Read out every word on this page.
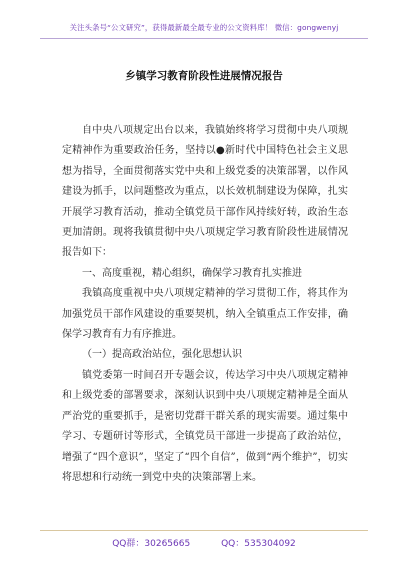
关注头条号“公文研究”，获得最新最全最专业的公文资料库！ 微信：gongwenyj
乡镇学习教育阶段性进展情况报告

自中央八项规定出台以来，我镇始终将学习贯彻中央八项规定精神作为重要政治任务，坚持以●新时代中国特色社会主义思想为指导，全面贯彻落实党中央和上级党委的决策部署，以作风建设为抓手，以问题整改为重点，以长效机制建设为保障，扎实开展学习教育活动，推动全镇党员干部作风持续好转，政治生态更加清朗。现将我镇贯彻中央八项规定学习教育阶段性进展情况报告如下：

一、高度重视，精心组织，确保学习教育扎实推进

我镇高度重视中央八项规定精神的学习贯彻工作，将其作为加强党员干部作风建设的重要契机，纳入全镇重点工作安排，确保学习教育有力有序推进。

（一）提高政治站位，强化思想认识

镇党委第一时间召开专题会议，传达学习中央八项规定精神和上级党委的部署要求，深刻认识到中央八项规定精神是全面从严治党的重要抓手，是密切党群干群关系的现实需要。通过集中学习、专题研讨等形式，全镇党员干部进一步提高了政治站位，增强了“四个意识”，坚定了“四个自信”，做到“两个维护”，切实将思想和行动统一到党中央的决策部署上来。

QQ群：30265665	QQ：535304092
